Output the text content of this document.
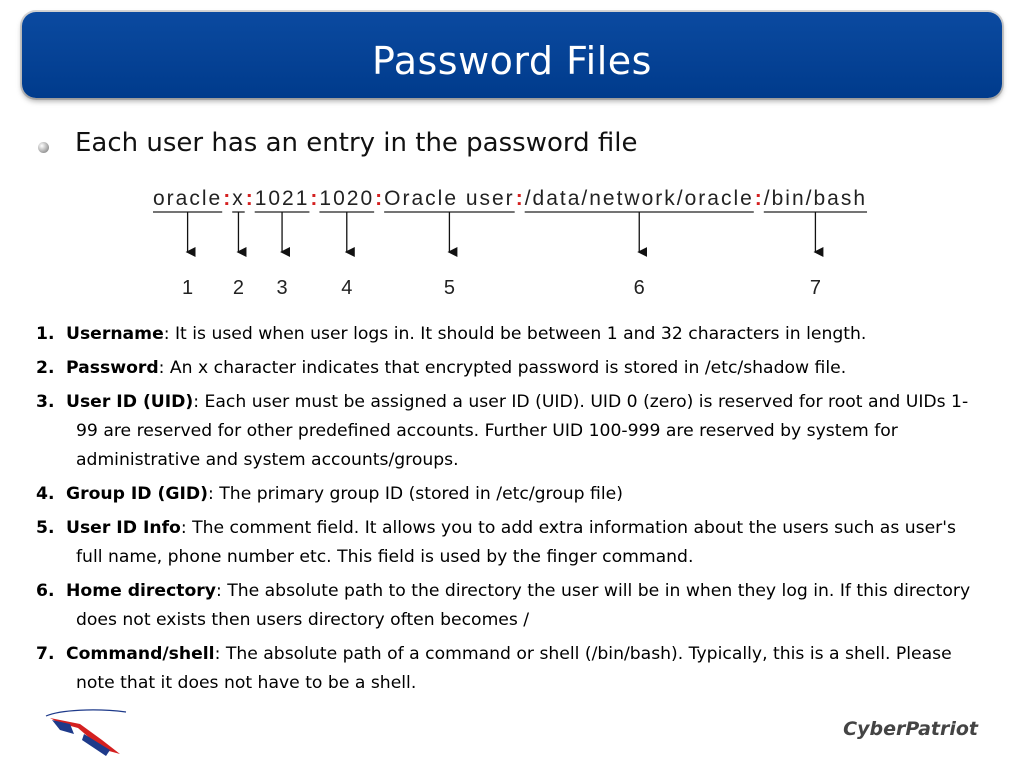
Password Files
Each user has an entry in the password file
oracle : x : 1021 : 1020 : Oracle user : /data/network/oracle : /bin/bash
1 2 3	4	5	6	7
1. Username: It is used when user logs in. It should be between 1 and 32 characters in length.
2. Password: An x character indicates that encrypted password is stored in /etc/shadow file.
3. User ID (UID): Each user must be assigned a user ID (UID). UID 0 (zero) is reserved for root and UIDs 1-99 are reserved for other predefined accounts. Further UID 100-999 are reserved by system for administrative and system accounts/groups.
4. Group ID (GID): The primary group ID (stored in /etc/group file)
5. User ID Info: The comment field. It allows you to add extra information about the users such as user's full name, phone number etc. This field is used by the finger command.
6. Home directory: The absolute path to the directory the user will be in when they log in. If this directory does not exists then users directory often becomes /
7. Command/shell: The absolute path of a command or shell (/bin/bash). Typically, this is a shell. Please note that it does not have to be a shell.
CyberPatriot
